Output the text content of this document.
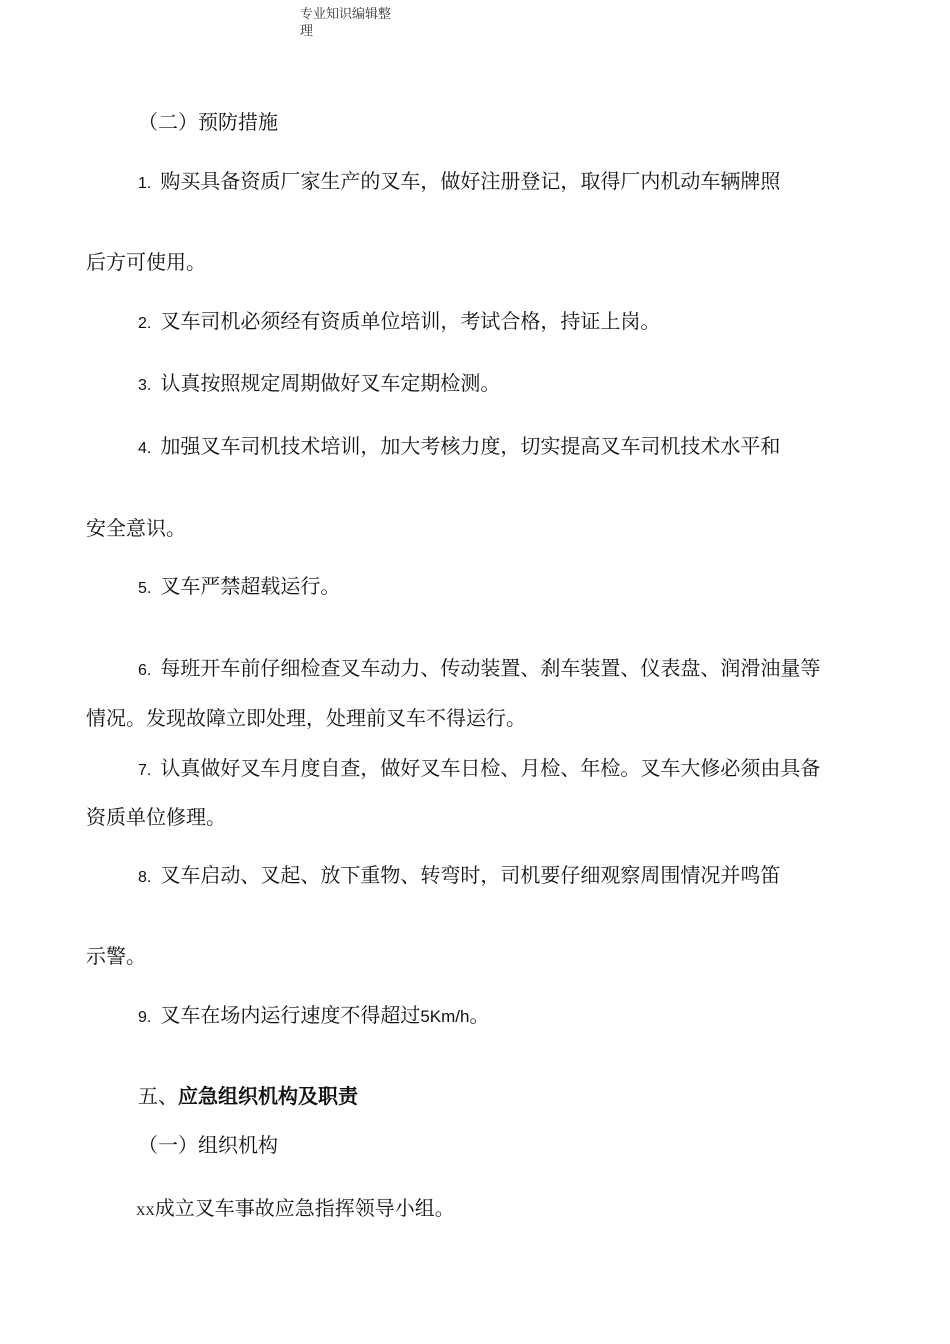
专业知识编辑整
理
（二）预防措施
1. 购买具备资质厂家生产的叉车，做好注册登记，取得厂内机动车辆牌照
后方可使用。
2. 叉车司机必须经有资质单位培训，考试合格，持证上岗。
3. 认真按照规定周期做好叉车定期检测。
4. 加强叉车司机技术培训，加大考核力度，切实提高叉车司机技术水平和
安全意识。
5. 叉车严禁超载运行。
6. 每班开车前仔细检查叉车动力、传动装置、刹车装置、仪表盘、润滑油量等
情况。发现故障立即处理，处理前叉车不得运行。
7. 认真做好叉车月度自查，做好叉车日检、月检、年检。叉车大修必须由具备
资质单位修理。
8. 叉车启动、叉起、放下重物、转弯时，司机要仔细观察周围情况并鸣笛
示警。
9. 叉车在场内运行速度不得超过5Km/h。
五、应急组织机构及职责
（一）组织机构
XX成立叉车事故应急指挥领导小组。
